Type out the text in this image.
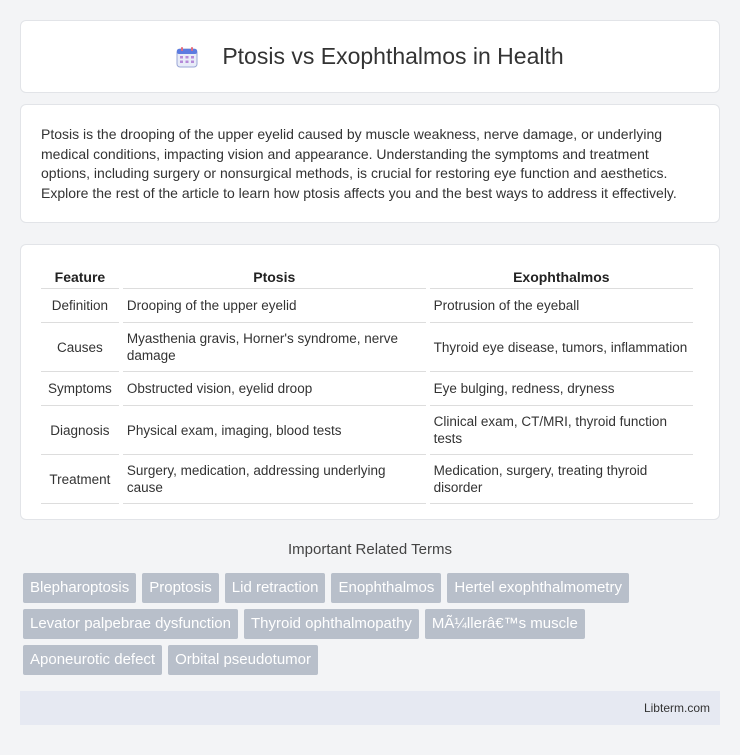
Ptosis vs Exophthalmos in Health

Ptosis is the drooping of the upper eyelid caused by muscle weakness, nerve damage, or underlying medical conditions, impacting vision and appearance. Understanding the symptoms and treatment options, including surgery or nonsurgical methods, is crucial for restoring eye function and aesthetics. Explore the rest of the article to learn how ptosis affects you and the best ways to address it effectively.

Feature	Ptosis	Exophthalmos
Definition	Drooping of the upper eyelid	Protrusion of the eyeball
Causes	Myasthenia gravis, Horner's syndrome, nerve damage	Thyroid eye disease, tumors, inflammation
Symptoms	Obstructed vision, eyelid droop	Eye bulging, redness, dryness
Diagnosis	Physical exam, imaging, blood tests	Clinical exam, CT/MRI, thyroid function tests
Treatment	Surgery, medication, addressing underlying cause	Medication, surgery, treating thyroid disorder
Important Related Terms
Blepharoptosis	Proptosis	Lid retraction	Enophthalmos	Hertel exophthalmometry
Levator palpebrae dysfunction	Thyroid ophthalmopathy	MÃ¼llerâ€™s muscle
Aponeurotic defect	Orbital pseudotumor
Libterm.com
